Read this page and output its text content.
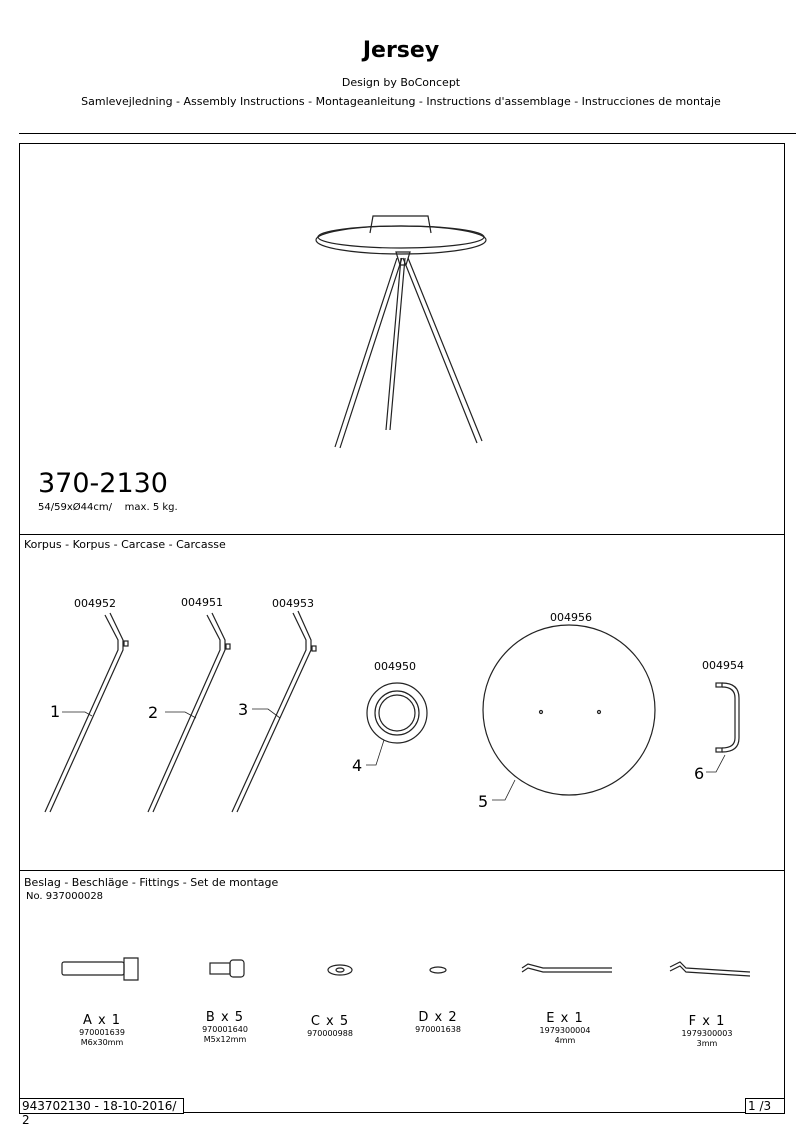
Jersey
Design by BoConcept
Samlevejledning - Assembly Instructions - Montageanleitung - Instructions d'assemblage - Instrucciones de montaje
370-2130
54/59xØ44cm/ max. 5 kg.
Korpus - Korpus - Carcase - Carcasse
004952	004951	004953
004950
004956
004954
1	2	3
4
5
6
Beslag - Beschläge - Fittings - Set de montage
No. 937000028
A x 1
970001639
M6x30mm
B x 5
970001640
M5x12mm
C x 5
970000988
D x 2
970001638
E x 1
1979300004
4mm
F x 1
1979300003
3mm
943702130 - 18-10-2016/ 2
1 /3
